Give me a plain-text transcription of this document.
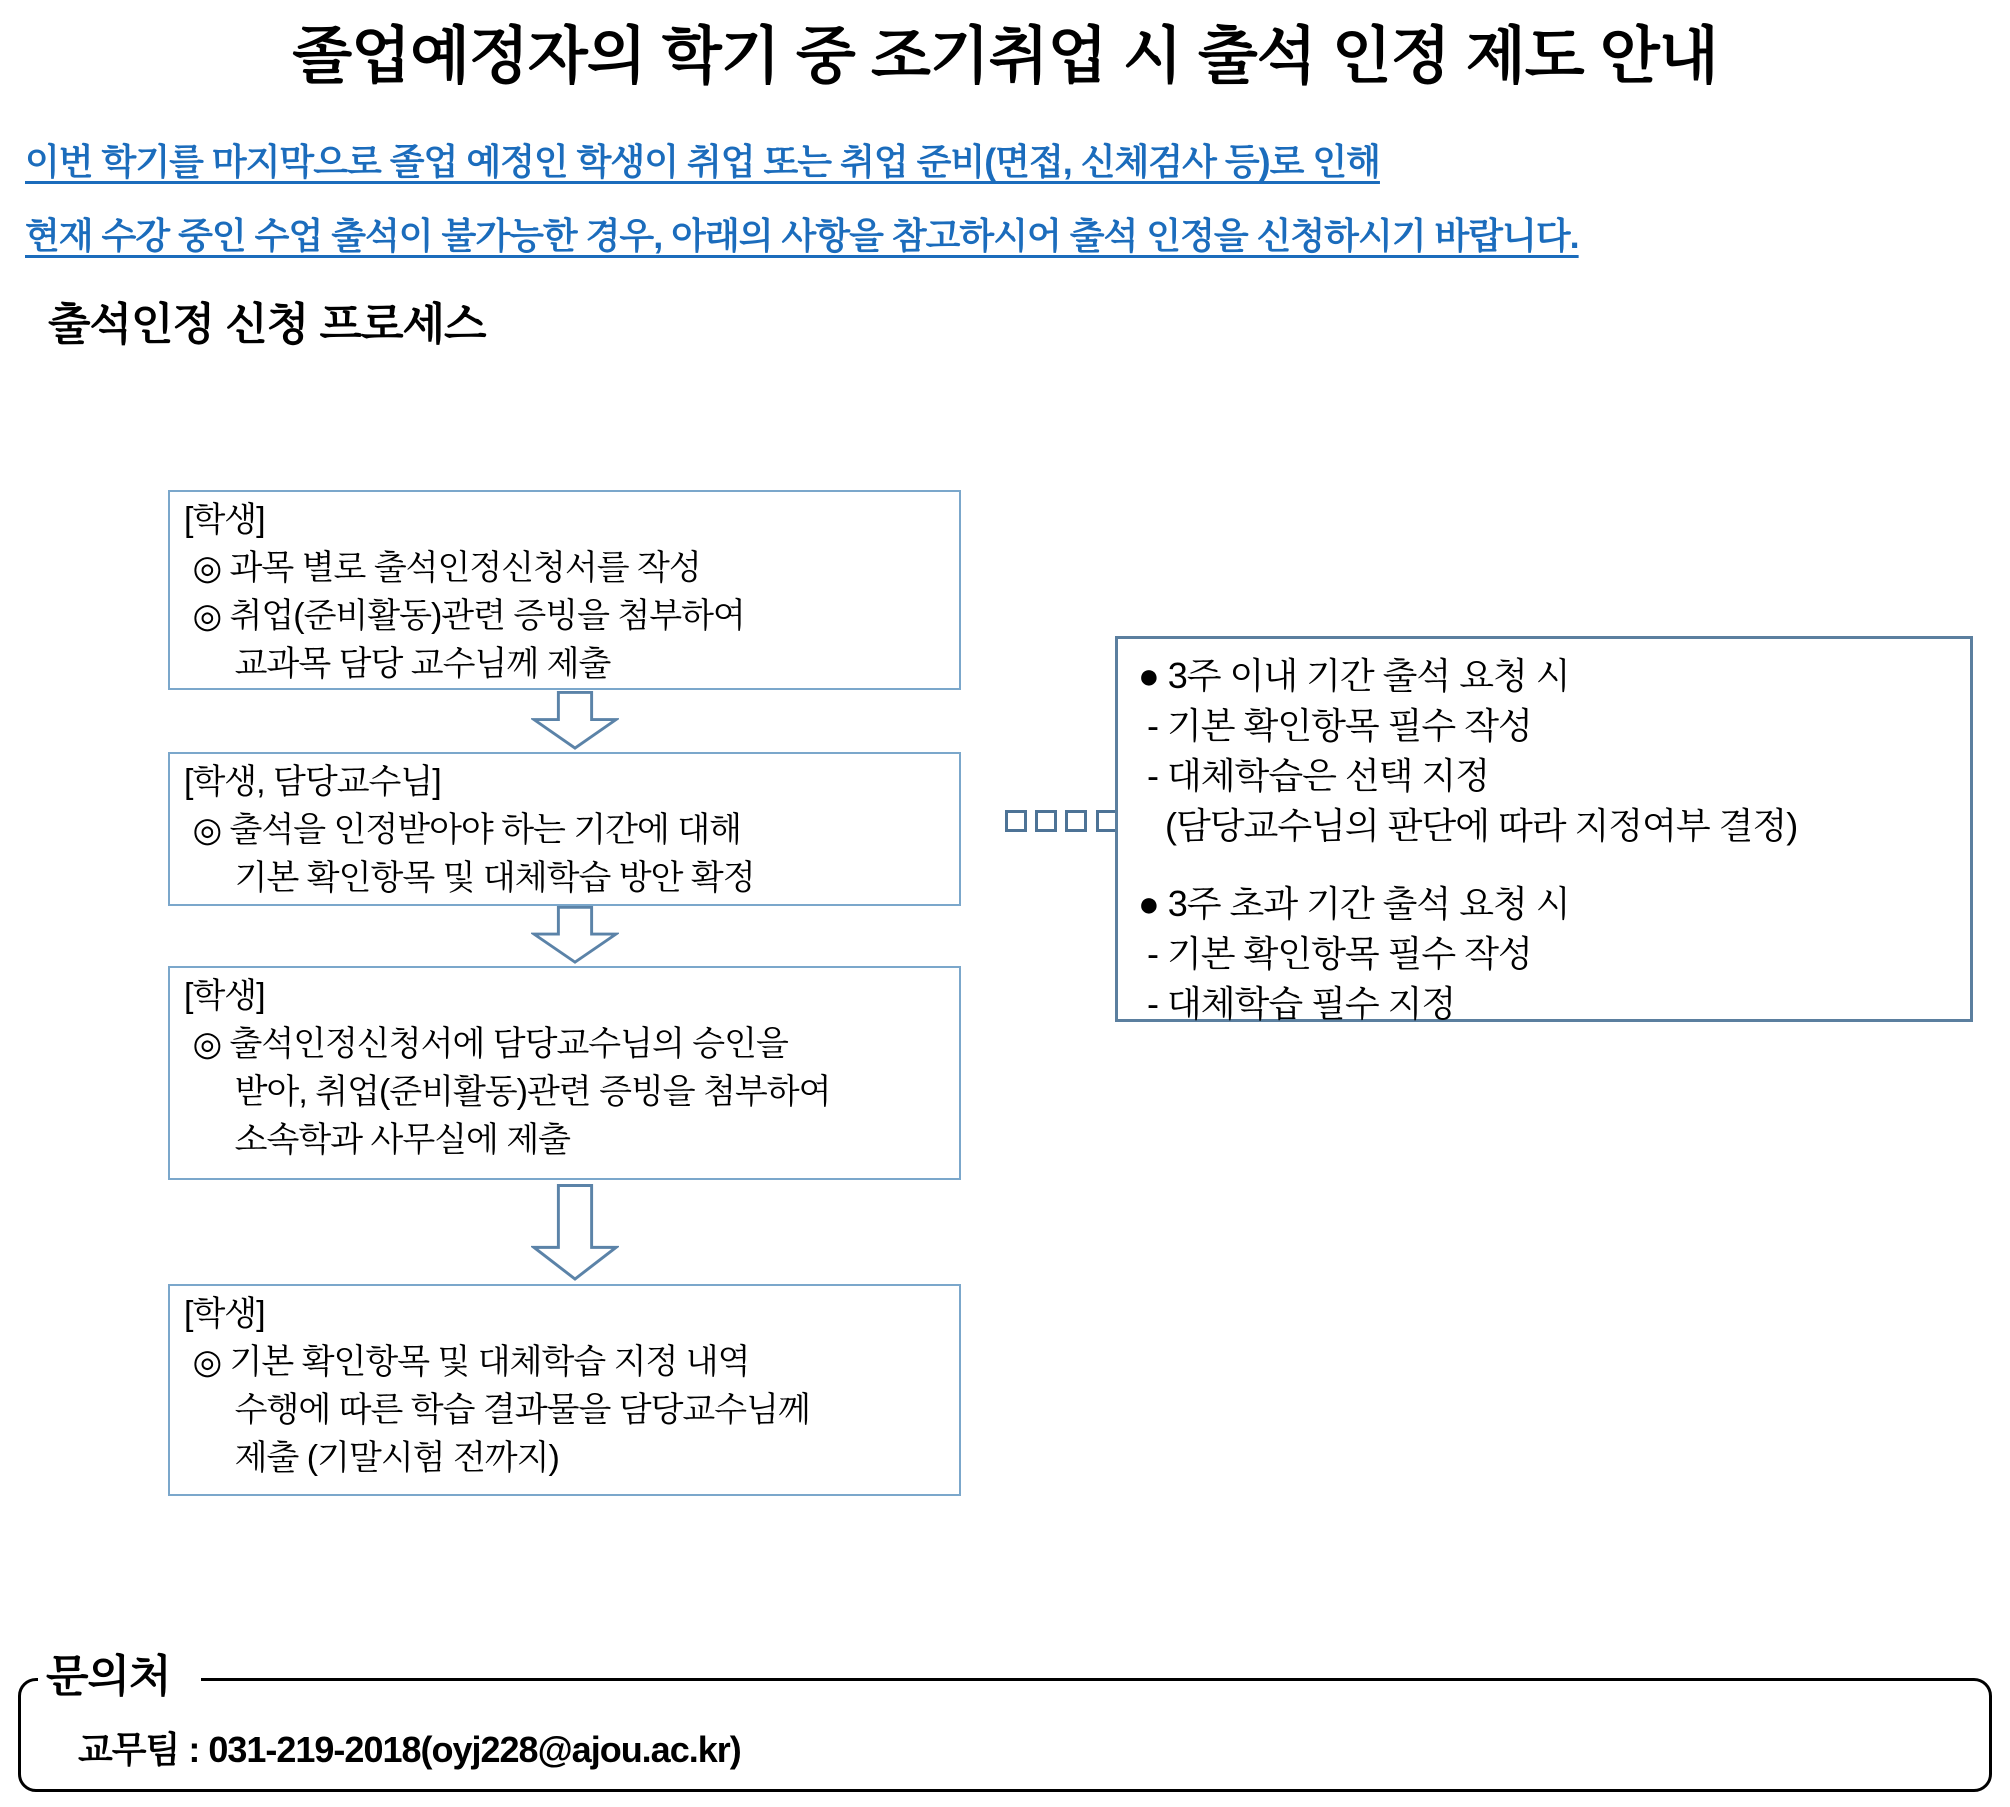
졸업예정자의 학기 중 조기취업 시 출석 인정 제도 안내
이번 학기를 마지막으로 졸업 예정인 학생이 취업 또는 취업 준비(면접, 신체검사 등)로 인해
현재 수강 중인 수업 출석이 불가능한 경우, 아래의 사항을 참고하시어 출석 인정을 신청하시기 바랍니다.
출석인정 신청 프로세스
[학생]
◎ 과목 별로 출석인정신청서를 작성
◎ 취업(준비활동)관련 증빙을 첨부하여
교과목 담당 교수님께 제출
[학생, 담당교수님]
◎ 출석을 인정받아야 하는 기간에 대해
기본 확인항목 및 대체학습 방안 확정
[학생]
◎ 출석인정신청서에 담당교수님의 승인을
받아, 취업(준비활동)관련 증빙을 첨부하여
소속학과 사무실에 제출
[학생]
◎ 기본 확인항목 및 대체학습 지정 내역
수행에 따른 학습 결과물을 담당교수님께
제출 (기말시험 전까지)
● 3주 이내 기간 출석 요청 시
- 기본 확인항목 필수 작성
- 대체학습은 선택 지정
(담당교수님의 판단에 따라 지정여부 결정)
● 3주 초과 기간 출석 요청 시
- 기본 확인항목 필수 작성
- 대체학습 필수 지정
문의처
교무팀 : 031-219-2018(oyj228@ajou.ac.kr)
